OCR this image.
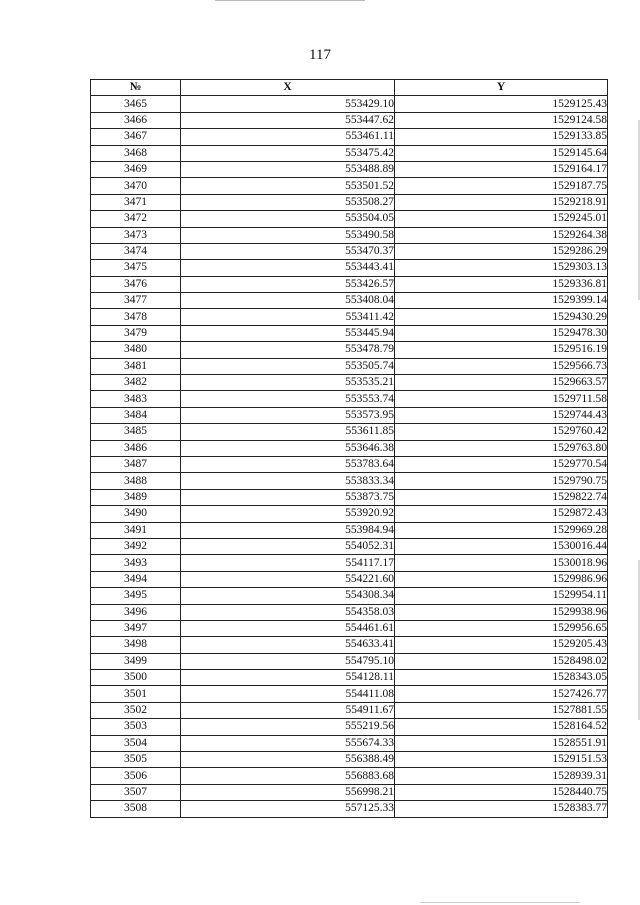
117
№	X	Y
3465	553429.10	1529125.43
3466	553447.62	1529124.58
3467	553461.11	1529133.85
3468	553475.42	1529145.64
3469	553488.89	1529164.17
3470	553501.52	1529187.75
3471	553508.27	1529218.91
3472	553504.05	1529245.01
3473	553490.58	1529264.38
3474	553470.37	1529286.29
3475	553443.41	1529303.13
3476	553426.57	1529336.81
3477	553408.04	1529399.14
3478	553411.42	1529430.29
3479	553445.94	1529478.30
3480	553478.79	1529516.19
3481	553505.74	1529566.73
3482	553535.21	1529663.57
3483	553553.74	1529711.58
3484	553573.95	1529744.43
3485	553611.85	1529760.42
3486	553646.38	1529763.80
3487	553783.64	1529770.54
3488	553833.34	1529790.75
3489	553873.75	1529822.74
3490	553920.92	1529872.43
3491	553984.94	1529969.28
3492	554052.31	1530016.44
3493	554117.17	1530018.96
3494	554221.60	1529986.96
3495	554308.34	1529954.11
3496	554358.03	1529938.96
3497	554461.61	1529956.65
3498	554633.41	1529205.43
3499	554795.10	1528498.02
3500	554128.11	1528343.05
3501	554411.08	1527426.77
3502	554911.67	1527881.55
3503	555219.56	1528164.52
3504	555674.33	1528551.91
3505	556388.49	1529151.53
3506	556883.68	1528939.31
3507	556998.21	1528440.75
3508	557125.33	1528383.77
